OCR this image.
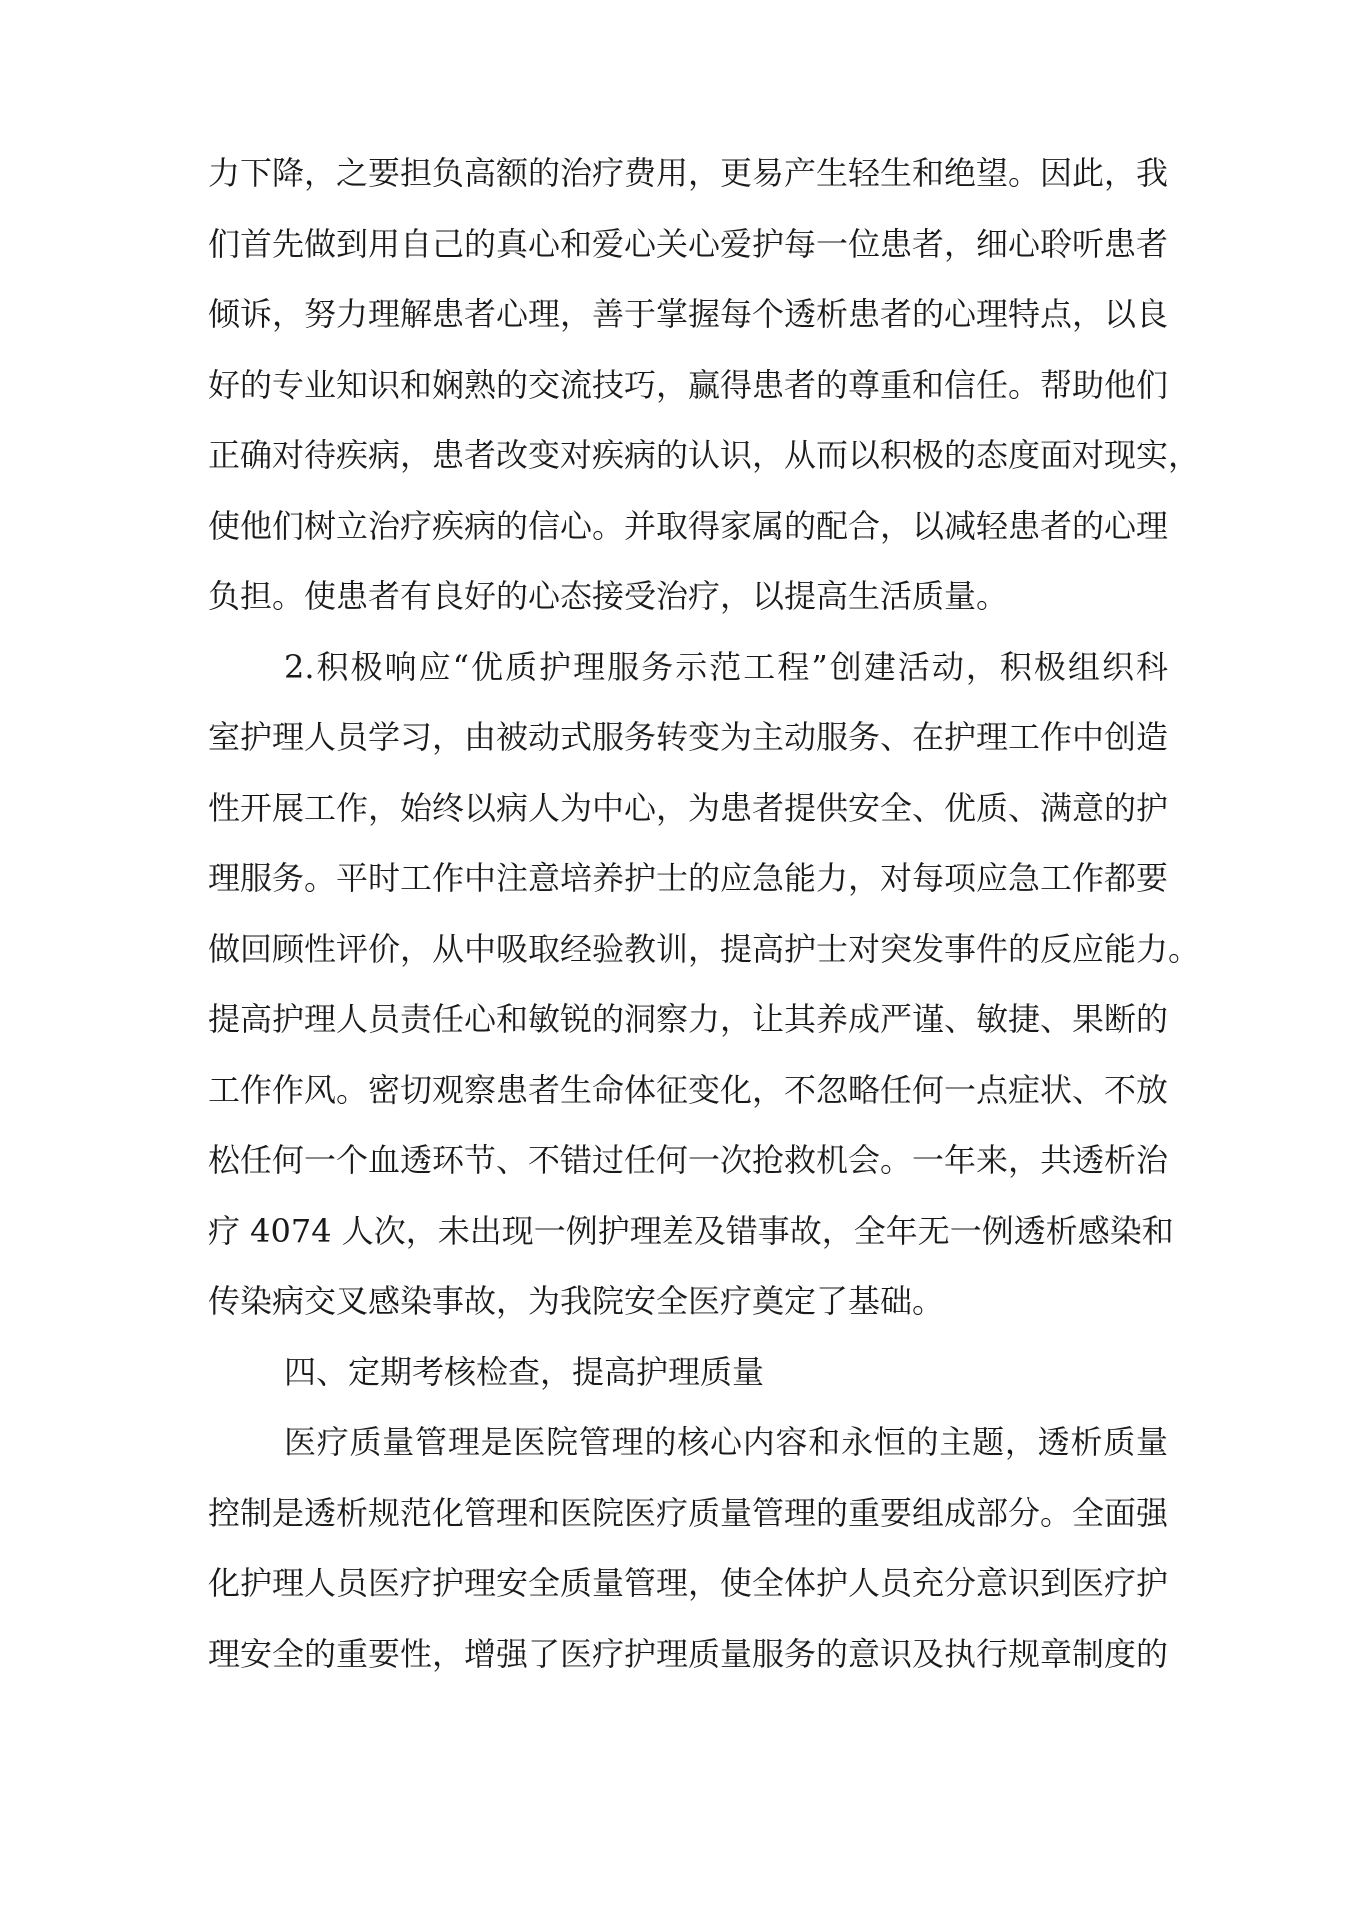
力下降，之要担负高额的治疗费用，更易产生轻生和绝望。因此，我
们首先做到用自己的真心和爱心关心爱护每一位患者，细心聆听患者
倾诉，努力理解患者心理，善于掌握每个透析患者的心理特点，以良
好的专业知识和娴熟的交流技巧，赢得患者的尊重和信任。帮助他们
正确对待疾病，患者改变对疾病的认识，从而以积极的态度面对现实，
使他们树立治疗疾病的信心。并取得家属的配合，以减轻患者的心理
负担。使患者有良好的心态接受治疗，以提高生活质量。
2.积极响应“优质护理服务示范工程”创建活动，积极组织科
室护理人员学习，由被动式服务转变为主动服务、在护理工作中创造
性开展工作，始终以病人为中心，为患者提供安全、优质、满意的护
理服务。平时工作中注意培养护士的应急能力，对每项应急工作都要
做回顾性评价，从中吸取经验教训，提高护士对突发事件的反应能力。
提高护理人员责任心和敏锐的洞察力，让其养成严谨、敏捷、果断的
工作作风。密切观察患者生命体征变化，不忽略任何一点症状、不放
松任何一个血透环节、不错过任何一次抢救机会。一年来，共透析治
疗 4074 人次，未出现一例护理差及错事故，全年无一例透析感染和
传染病交叉感染事故，为我院安全医疗奠定了基础。
四、定期考核检查，提高护理质量
医疗质量管理是医院管理的核心内容和永恒的主题，透析质量
控制是透析规范化管理和医院医疗质量管理的重要组成部分。全面强
化护理人员医疗护理安全质量管理，使全体护人员充分意识到医疗护
理安全的重要性，增强了医疗护理质量服务的意识及执行规章制度的
